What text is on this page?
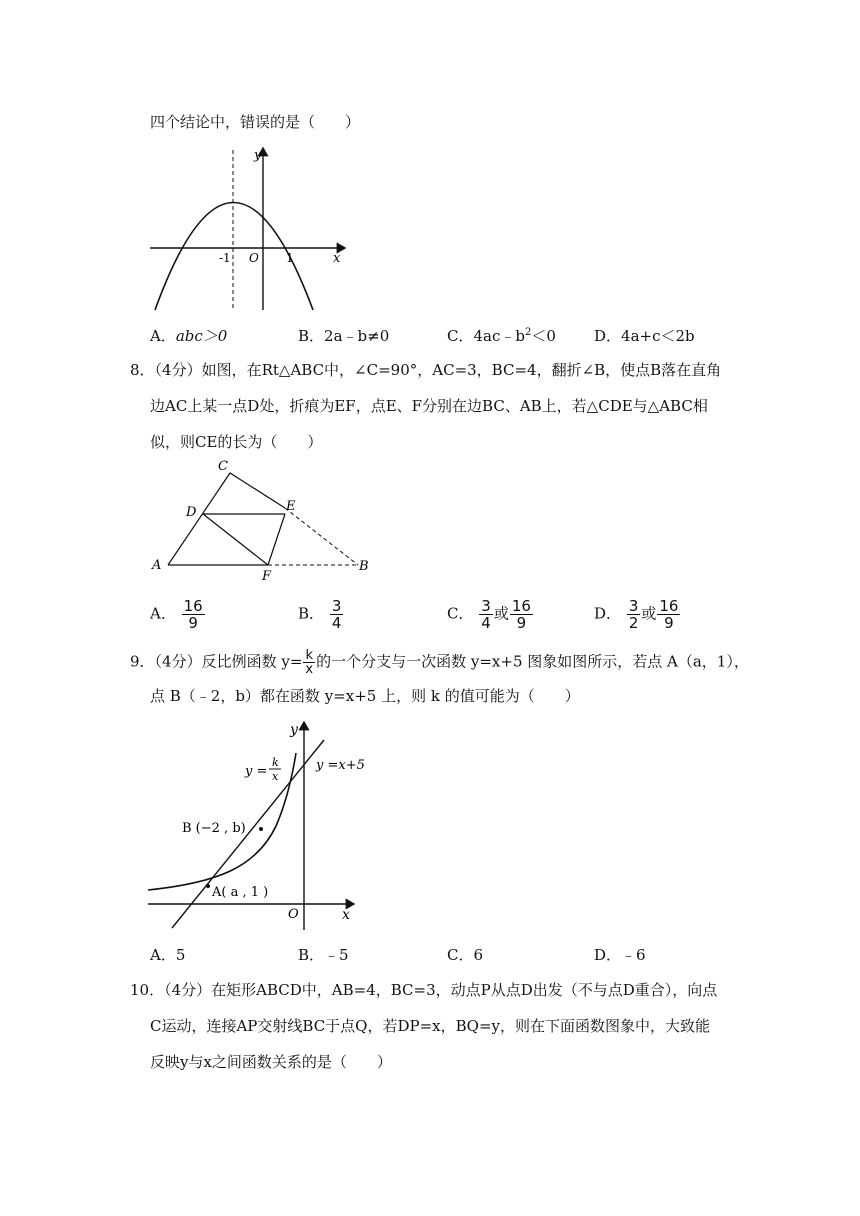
四个结论中，错误的是（　　）
y
x
-1 O 1
A．abc＞0	B．2a﹣b≠0	C．$4ac﹣b^2<0$	D．4a+c＜2b
8．（4分）如图，在Rt△ABC中，∠C=90°，AC=3，BC=4，翻折∠B，使点B落在直角
边AC上某一点D处，折痕为EF，点E、F分别在边BC、AB上，若△CDE与△ABC相
似，则CE的长为（　　）
C
D	E
A
F
B
A． $\frac{16}{9}$	B． $\frac{3}{4}$	C． $\frac{3}{4}$ 或 $\frac{16}{9}$	D． $\frac{3}{2}$ 或 $\frac{16}{9}$
9．（4分）反比例函数 $y= \frac{k}{x}$ 的一个分支与一次函数 y=x+5 图象如图所示，若点 A（a，1），
点 B（﹣2，b）都在函数 y=x+5 上，则 k 的值可能为（　　）
y
x
O
y =
k
x
y =x+5
B (−2 , b)
A( a , 1 )
A．5	B．﹣5	C．6	D．﹣6
10．（4分）在矩形ABCD中，AB=4，BC=3，动点P从点D出发（不与点D重合），向点
C运动，连接AP交射线BC于点Q，若DP=x，BQ=y，则在下面函数图象中，大致能
反映y与x之间函数关系的是（　　）
